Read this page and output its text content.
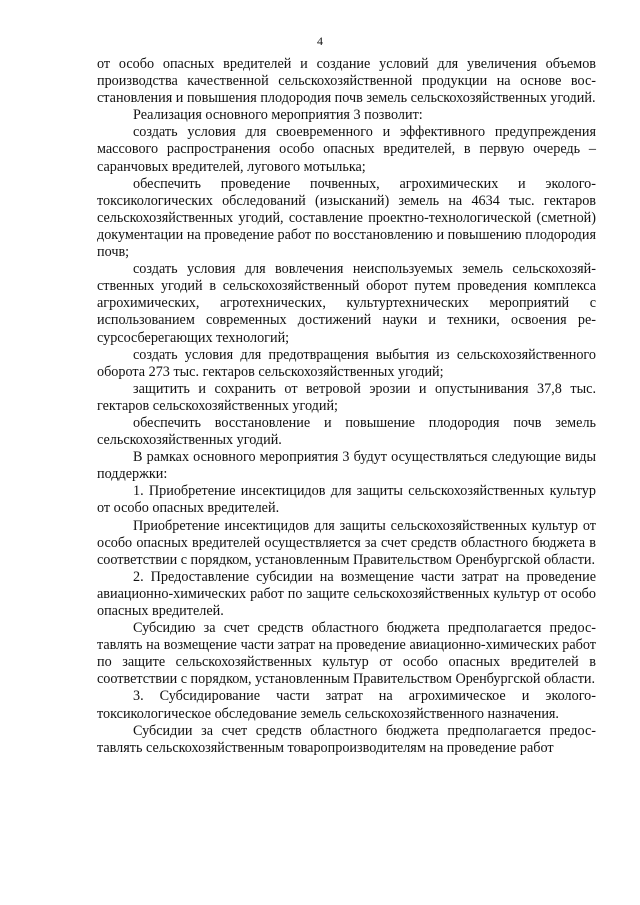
4

от особо опасных вредителей и создание условий для увеличения объемов производства качественной сельскохозяйственной продукции на основе восстановления и повышения плодородия почв земель сельскохозяйственных угодий.

Реализация основного мероприятия 3 позволит:

создать условия для своевременного и эффективного предупреждения массового распространения особо опасных вредителей, в первую очередь – саранчовых вредителей, лугового мотылька;

обеспечить проведение почвенных, агрохимических и эколого-токсикологических обследований (изысканий) земель на 4634 тыс. гектаров сельскохозяйственных угодий, составление проектно-технологической (сметной) документации на проведение работ по восстановлению и повышению плодородия почв;

создать условия для вовлечения неиспользуемых земель сельскохозяйственных угодий в сельскохозяйственный оборот путем проведения комплекса агрохимических, агротехнических, культуртехнических мероприятий с использованием современных достижений науки и техники, освоения ресурсосберегающих технологий;

создать условия для предотвращения выбытия из сельскохозяйственного оборота 273 тыс. гектаров сельскохозяйственных угодий;

защитить и сохранить от ветровой эрозии и опустынивания 37,8 тыс. гектаров сельскохозяйственных угодий;

обеспечить восстановление и повышение плодородия почв земель сельскохозяйственных угодий.

В рамках основного мероприятия 3 будут осуществляться следующие виды поддержки:

1. Приобретение инсектицидов для защиты сельскохозяйственных культур от особо опасных вредителей.

Приобретение инсектицидов для защиты сельскохозяйственных культур от особо опасных вредителей осуществляется за счет средств областного бюджета в соответствии с порядком, установленным Правительством Оренбургской области.

2. Предоставление субсидии на возмещение части затрат на проведение авиационно-химических работ по защите сельскохозяйственных культур от особо опасных вредителей.

Субсидию за счет средств областного бюджета предполагается предоставлять на возмещение части затрат на проведение авиационно-химических работ по защите сельскохозяйственных культур от особо опасных вредителей в соответствии с порядком, установленным Правительством Оренбургской области.

3. Субсидирование части затрат на агрохимическое и эколого-токсикологическое обследование земель сельскохозяйственного назначения.

Субсидии за счет средств областного бюджета предполагается предоставлять сельскохозяйственным товаропроизводителям на проведение работ
